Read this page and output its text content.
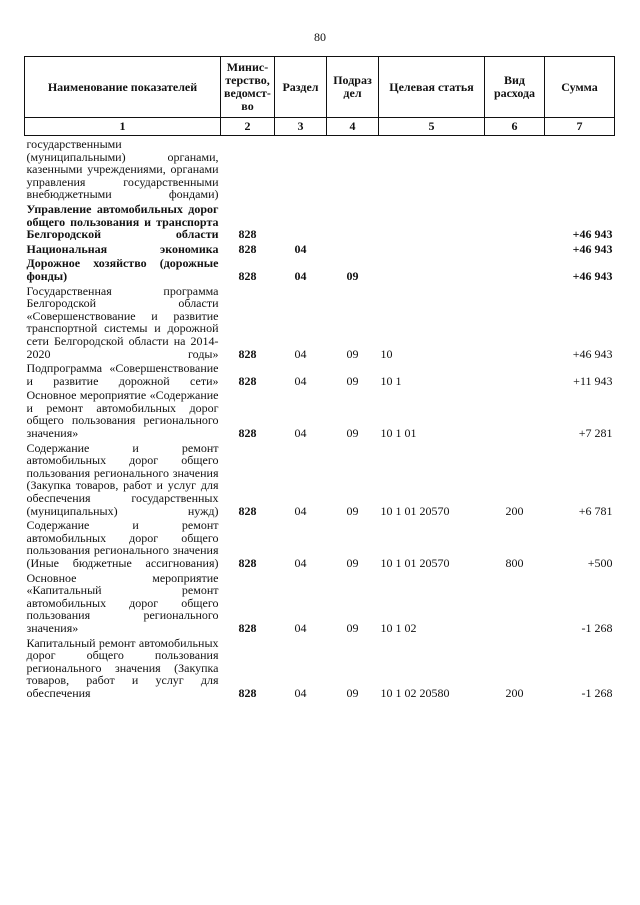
80
Наименование показателей	Минис-терство, ведомст-во	Раздел	Подраз дел	Целевая статья	Вид расхода	Сумма
1	2	3	4	5	6	7
государственными (муниципальными) органами, казенными учреждениями, органами управления государственными внебюджетными фондами)						
Управление автомобильных дорог общего пользования и транспорта Белгородской области	828					+46 943
Национальная экономика	828	04				+46 943
Дорожное хозяйство (дорожные фонды)	828	04	09			+46 943
Государственная программа Белгородской области «Совершенствование и развитие транспортной системы и дорожной сети Белгородской области на 2014-2020 годы»	828	04	09	10		+46 943
Подпрограмма «Совершенствование и развитие дорожной сети»	828	04	09	10 1		+11 943
Основное мероприятие «Содержание и ремонт автомобильных дорог общего пользования регионального значения»	828	04	09	10 1 01		+7 281
Содержание и ремонт автомобильных дорог общего пользования регионального значения (Закупка товаров, работ и услуг для обеспечения государственных (муниципальных) нужд)	828	04	09	10 1 01 20570	200	+6 781
Содержание и ремонт автомобильных дорог общего пользования регионального значения (Иные бюджетные ассигнования)	828	04	09	10 1 01 20570	800	+500
Основное мероприятие «Капитальный ремонт автомобильных дорог общего пользования регионального значения»	828	04	09	10 1 02		-1 268
Капитальный ремонт автомобильных дорог общего пользования регионального значения (Закупка товаров, работ и услуг для обеспечения	828	04	09	10 1 02 20580	200	-1 268
